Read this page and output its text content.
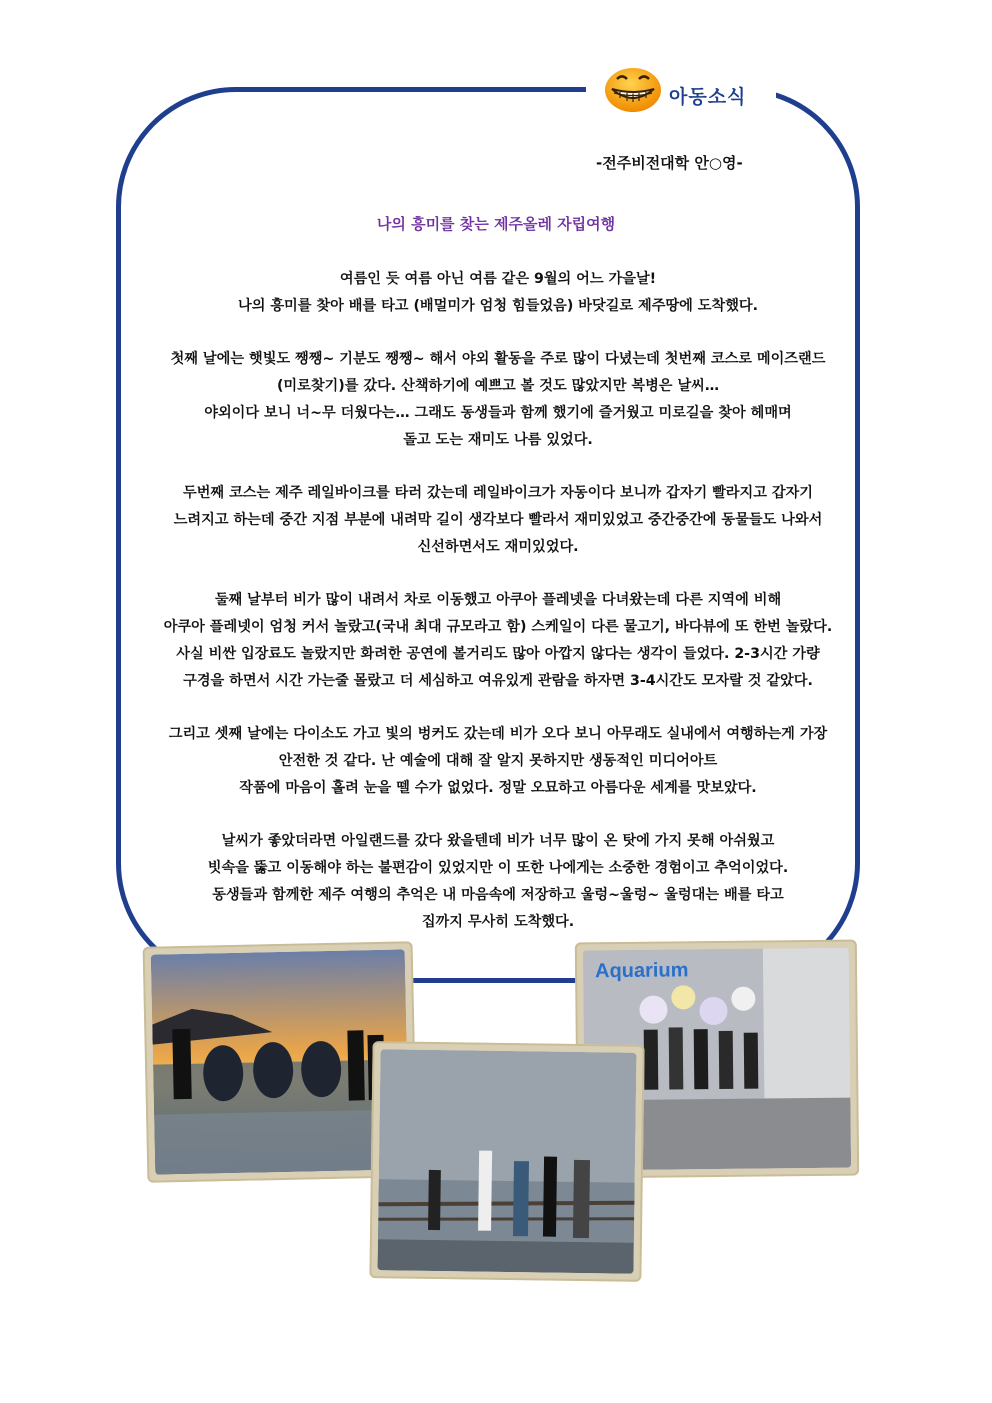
아동소식
-전주비전대학 안○영-
나의 흥미를 찾는 제주올레 자립여행
여름인 듯 여름 아닌 여름 같은 9월의 어느 가을날!
나의 흥미를 찾아 배를 타고 (배멀미가 엄청 힘들었음) 바닷길로 제주땅에 도착했다.
첫째 날에는 햇빛도 쨍쨍~ 기분도 쨍쨍~ 해서 야외 활동을 주로 많이 다녔는데 첫번째 코스로 메이즈랜드
(미로찾기)를 갔다. 산책하기에 예쁘고 볼 것도 많았지만 복병은 날씨…
야외이다 보니 너~무 더웠다는… 그래도 동생들과 함께 했기에 즐거웠고 미로길을 찾아 헤매며
돌고 도는 재미도 나름 있었다.
두번째 코스는 제주 레일바이크를 타러 갔는데 레일바이크가 자동이다 보니까 갑자기 빨라지고 갑자기
느려지고 하는데 중간 지점 부분에 내려막 길이 생각보다 빨라서 재미있었고 중간중간에 동물들도 나와서
신선하면서도 재미있었다.
둘째 날부터 비가 많이 내려서 차로 이동했고 아쿠아 플레넷을 다녀왔는데 다른 지역에 비해
아쿠아 플레넷이 엄청 커서 놀랐고(국내 최대 규모라고 함) 스케일이 다른 물고기, 바다뷰에 또 한번 놀랐다.
사실 비싼 입장료도 놀랐지만 화려한 공연에 볼거리도 많아 아깝지 않다는 생각이 들었다. 2-3시간 가량
구경을 하면서 시간 가는줄 몰랐고 더 세심하고 여유있게 관람을 하자면 3-4시간도 모자랄 것 같았다.
그리고 셋째 날에는 다이소도 가고 빛의 벙커도 갔는데 비가 오다 보니 아무래도 실내에서 여행하는게 가장
안전한 것 같다. 난 예술에 대해 잘 알지 못하지만 생동적인 미디어아트
작품에 마음이 홀려 눈을 뗄 수가 없었다. 정말 오묘하고 아름다운 세계를 맛보았다.
날씨가 좋았더라면 아일랜드를 갔다 왔을텐데 비가 너무 많이 온 탓에 가지 못해 아쉬웠고
빗속을 뚫고 이동해야 하는 불편감이 있었지만 이 또한 나에게는 소중한 경험이고 추억이었다.
동생들과 함께한 제주 여행의 추억은 내 마음속에 저장하고 울렁~울렁~ 울렁대는 배를 타고
집까지 무사히 도착했다.
Aquarium
